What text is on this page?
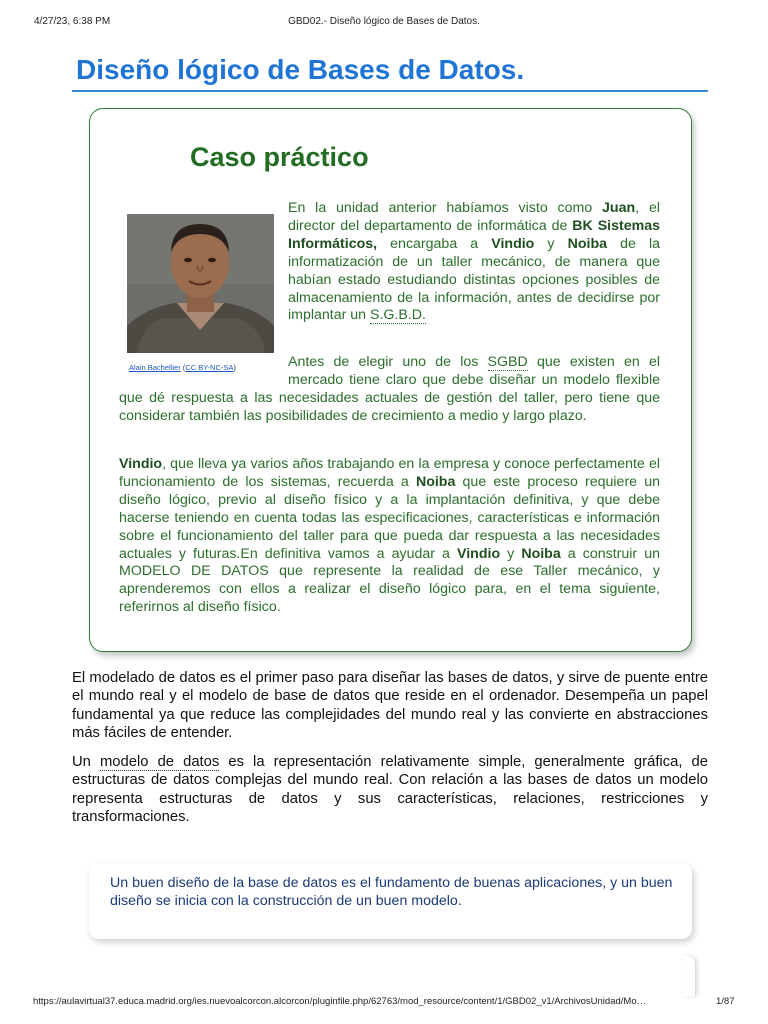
4/27/23, 6:38 PM	GBD02.- Diseño lógico de Bases de Datos.
Diseño lógico de Bases de Datos.
Caso práctico
Alain Bachellier (CC BY-NC-SA)

En la unidad anterior habíamos visto como Juan, el director del departamento de informática de BK Sistemas Informáticos, encargaba a Vindio y Noiba de la informatización de un taller mecánico, de manera que habían estado estudiando distintas opciones posibles de almacenamiento de la información, antes de decidirse por implantar un S.G.B.D.

Antes de elegir uno de los SGBD que existen en el mercado tiene claro que debe diseñar un modelo flexible que dé respuesta a las necesidades actuales de gestión del taller, pero tiene que considerar también las posibilidades de crecimiento a medio y largo plazo.

Vindio, que lleva ya varios años trabajando en la empresa y conoce perfectamente el funcionamiento de los sistemas, recuerda a Noiba que este proceso requiere un diseño lógico, previo al diseño físico y a la implantación definitiva, y que debe hacerse teniendo en cuenta todas las especificaciones, características e información sobre el funcionamiento del taller para que pueda dar respuesta a las necesidades actuales y futuras.En definitiva vamos a ayudar a Vindio y Noiba a construir un MODELO DE DATOS que represente la realidad de ese Taller mecánico, y aprenderemos con ellos a realizar el diseño lógico para, en el tema siguiente, referirnos al diseño físico.

El modelado de datos es el primer paso para diseñar las bases de datos, y sirve de puente entre el mundo real y el modelo de base de datos que reside en el ordenador. Desempeña un papel fundamental ya que reduce las complejidades del mundo real y las convierte en abstracciones más fáciles de entender.

Un modelo de datos es la representación relativamente simple, generalmente gráfica, de estructuras de datos complejas del mundo real. Con relación a las bases de datos un modelo representa estructuras de datos y sus características, relaciones, restricciones y transformaciones.

Un buen diseño de la base de datos es el fundamento de buenas aplicaciones, y un buen diseño se inicia con la construcción de un buen modelo.

https://aulavirtual37.educa.madrid.org/ies.nuevoalcorcon.alcorcon/pluginfile.php/62763/mod_resource/content/1/GBD02_v1/ArchivosUnidad/Mo…	1/87
